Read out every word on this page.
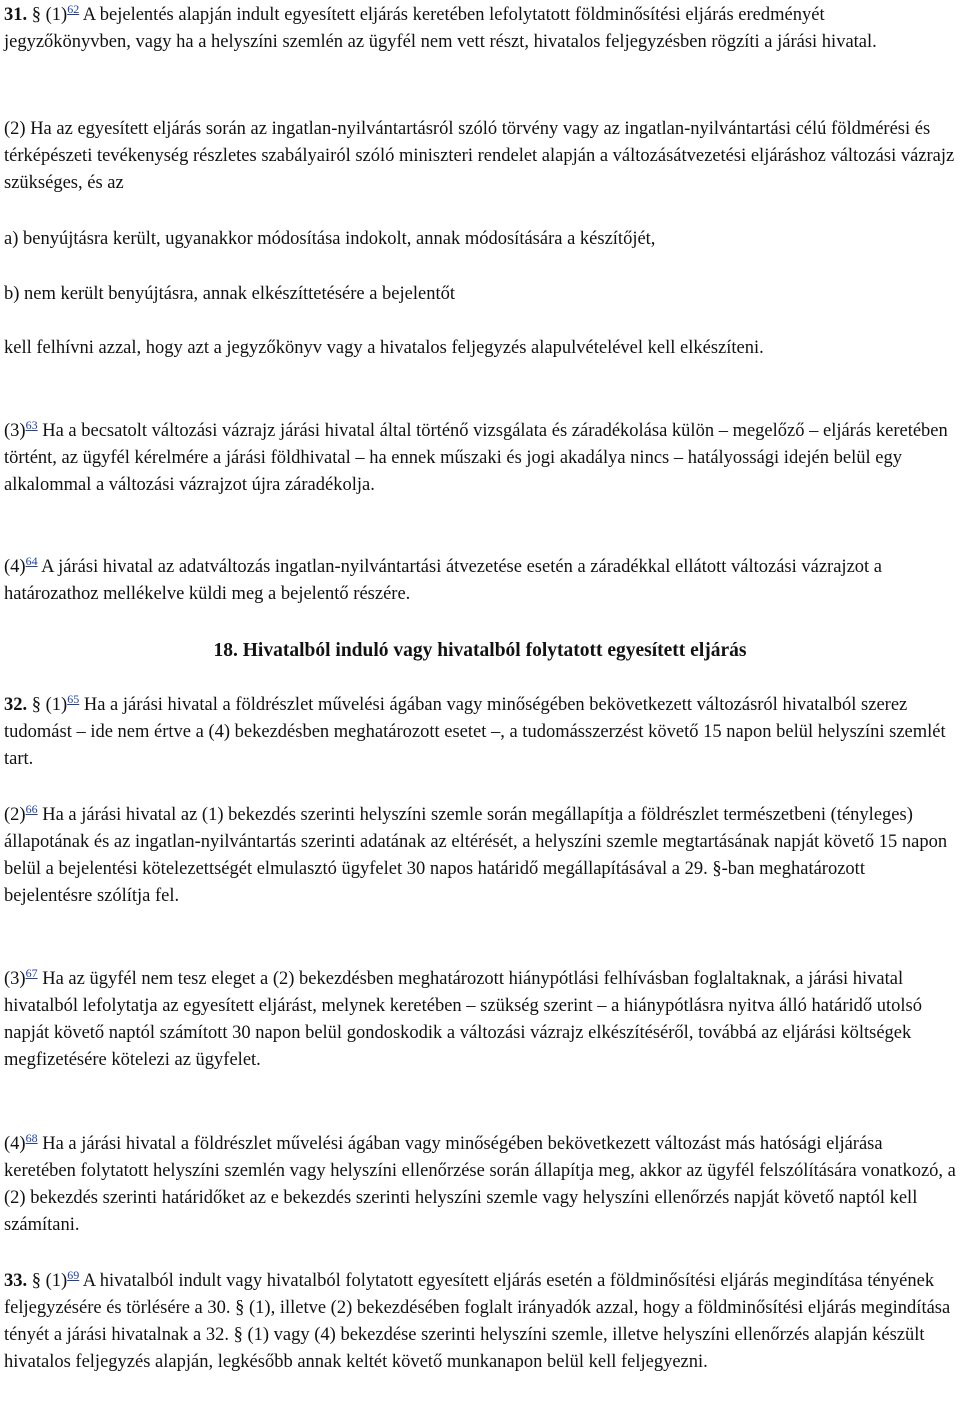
31. § (1)$^{62}$ A bejelentés alapján indult egyesített eljárás keretében lefolytatott földminősítési eljárás eredményét jegyzőkönyvben, vagy ha a helyszíni szemlén az ügyfél nem vett részt, hivatalos feljegyzésben rögzíti a járási hivatal.

(2) Ha az egyesített eljárás során az ingatlan-nyilvántartásról szóló törvény vagy az ingatlan-nyilvántartási célú földmérési és térképészeti tevékenység részletes szabályairól szóló miniszteri rendelet alapján a változásátvezetési eljáráshoz változási vázrajz szükséges, és az

a) benyújtásra került, ugyanakkor módosítása indokolt, annak módosítására a készítőjét,

b) nem került benyújtásra, annak elkészíttetésére a bejelentőt

kell felhívni azzal, hogy azt a jegyzőkönyv vagy a hivatalos feljegyzés alapulvételével kell elkészíteni.

(3)$^{63}$ Ha a becsatolt változási vázrajz járási hivatal által történő vizsgálata és záradékolása külön – megelőző – eljárás keretében történt, az ügyfél kérelmére a járási földhivatal – ha ennek műszaki és jogi akadálya nincs – hatályossági idején belül egy alkalommal a változási vázrajzot újra záradékolja.

(4)$^{64}$ A járási hivatal az adatváltozás ingatlan-nyilvántartási átvezetése esetén a záradékkal ellátott változási vázrajzot a határozathoz mellékelve küldi meg a bejelentő részére.

18. Hivatalból induló vagy hivatalból folytatott egyesített eljárás

32. § (1)$^{65}$ Ha a járási hivatal a földrészlet művelési ágában vagy minőségében bekövetkezett változásról hivatalból szerez tudomást – ide nem értve a (4) bekezdésben meghatározott esetet –, a tudomásszerzést követő 15 napon belül helyszíni szemlét tart.

(2)$^{66}$ Ha a járási hivatal az (1) bekezdés szerinti helyszíni szemle során megállapítja a földrészlet természetbeni (tényleges) állapotának és az ingatlan-nyilvántartás szerinti adatának az eltérését, a helyszíni szemle megtartásának napját követő 15 napon belül a bejelentési kötelezettségét elmulasztó ügyfelet 30 napos határidő megállapításával a 29. §-ban meghatározott bejelentésre szólítja fel.

(3)$^{67}$ Ha az ügyfél nem tesz eleget a (2) bekezdésben meghatározott hiánypótlási felhívásban foglaltaknak, a járási hivatal hivatalból lefolytatja az egyesített eljárást, melynek keretében – szükség szerint – a hiánypótlásra nyitva álló határidő utolsó napját követő naptól számított 30 napon belül gondoskodik a változási vázrajz elkészítéséről, továbbá az eljárási költségek megfizetésére kötelezi az ügyfelet.

(4)$^{68}$ Ha a járási hivatal a földrészlet művelési ágában vagy minőségében bekövetkezett változást más hatósági eljárása keretében folytatott helyszíni szemlén vagy helyszíni ellenőrzése során állapítja meg, akkor az ügyfél felszólítására vonatkozó, a (2) bekezdés szerinti határidőket az e bekezdés szerinti helyszíni szemle vagy helyszíni ellenőrzés napját követő naptól kell számítani.

33. § (1)$^{69}$ A hivatalból indult vagy hivatalból folytatott egyesített eljárás esetén a földminősítési eljárás megindítása tényének feljegyzésére és törlésére a 30. § (1), illetve (2) bekezdésében foglalt irányadók azzal, hogy a földminősítési eljárás megindítása tényét a járási hivatalnak a 32. § (1) vagy (4) bekezdése szerinti helyszíni szemle, illetve helyszíni ellenőrzés alapján készült hivatalos feljegyzés alapján, legkésőbb annak keltét követő munkanapon belül kell feljegyezni.
